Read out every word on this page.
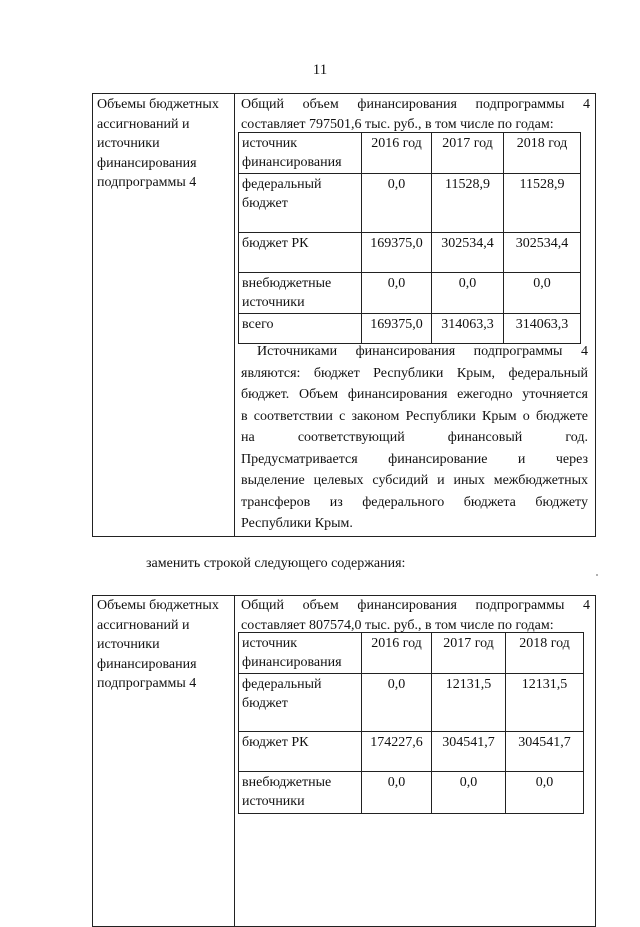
11
Объемы бюджетных
ассигнований и
источники
финансирования
подпрограммы 4
Общий объем финансирования подпрограммы 4
составляет 797501,6 тыс. руб., в том числе по годам:
источник финансирования	2016 год	2017 год	2018 год
федеральный бюджет	0,0	11528,9	11528,9
бюджет РК	169375,0	302534,4	302534,4
внебюджетные источники	0,0	0,0	0,0
всего	169375,0	314063,3	314063,3
Источниками финансирования подпрограммы 4
являются: бюджет Республики Крым, федеральный
бюджет. Объем финансирования ежегодно уточняется
в соответствии с законом Республики Крым о бюджете
на соответствующий финансовый год.
Предусматривается финансирование и через
выделение целевых субсидий и иных межбюджетных
трансферов из федерального бюджета бюджету
Республики Крым.
заменить строкой следующего содержания:
Объемы бюджетных
ассигнований и
источники
финансирования
подпрограммы 4
Общий объем финансирования подпрограммы 4
составляет 807574,0 тыс. руб., в том числе по годам:
источник финансирования	2016 год	2017 год	2018 год
федеральный бюджет	0,0	12131,5	12131,5
бюджет РК	174227,6	304541,7	304541,7
внебюджетные источники	0,0	0,0	0,0
